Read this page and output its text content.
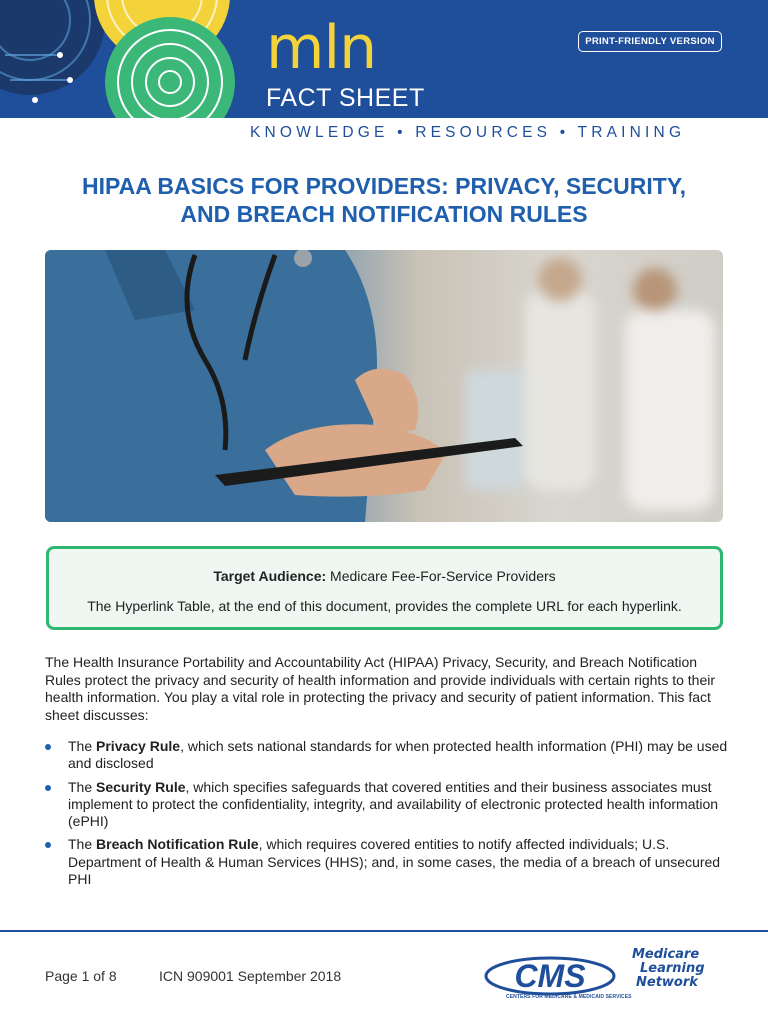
mln
FACT SHEET
PRINT-FRIENDLY VERSION
KNOWLEDGE • RESOURCES • TRAINING
HIPAA BASICS FOR PROVIDERS: PRIVACY, SECURITY,
AND BREACH NOTIFICATION RULES
Target Audience: Medicare Fee-For-Service Providers
The Hyperlink Table, at the end of this document, provides the complete URL for each hyperlink.

The Health Insurance Portability and Accountability Act (HIPAA) Privacy, Security, and Breach Notification Rules protect the privacy and security of health information and provide individuals with certain rights to their health information. You play a vital role in protecting the privacy and security of patient information. This fact sheet discusses:

The Privacy Rule, which sets national standards for when protected health information (PHI) may be used and disclosed
The Security Rule, which specifies safeguards that covered entities and their business associates must implement to protect the confidentiality, integrity, and availability of electronic protected health information (ePHI)
The Breach Notification Rule, which requires covered entities to notify affected individuals; U.S. Department of Health & Human Services (HHS); and, in some cases, the media of a breach of unsecured PHI
Page 1 of 8	ICN 909001 September 2018	CMS
CENTERS FOR MEDICARE & MEDICAID SERVICES
Medicare
Learning
Network
